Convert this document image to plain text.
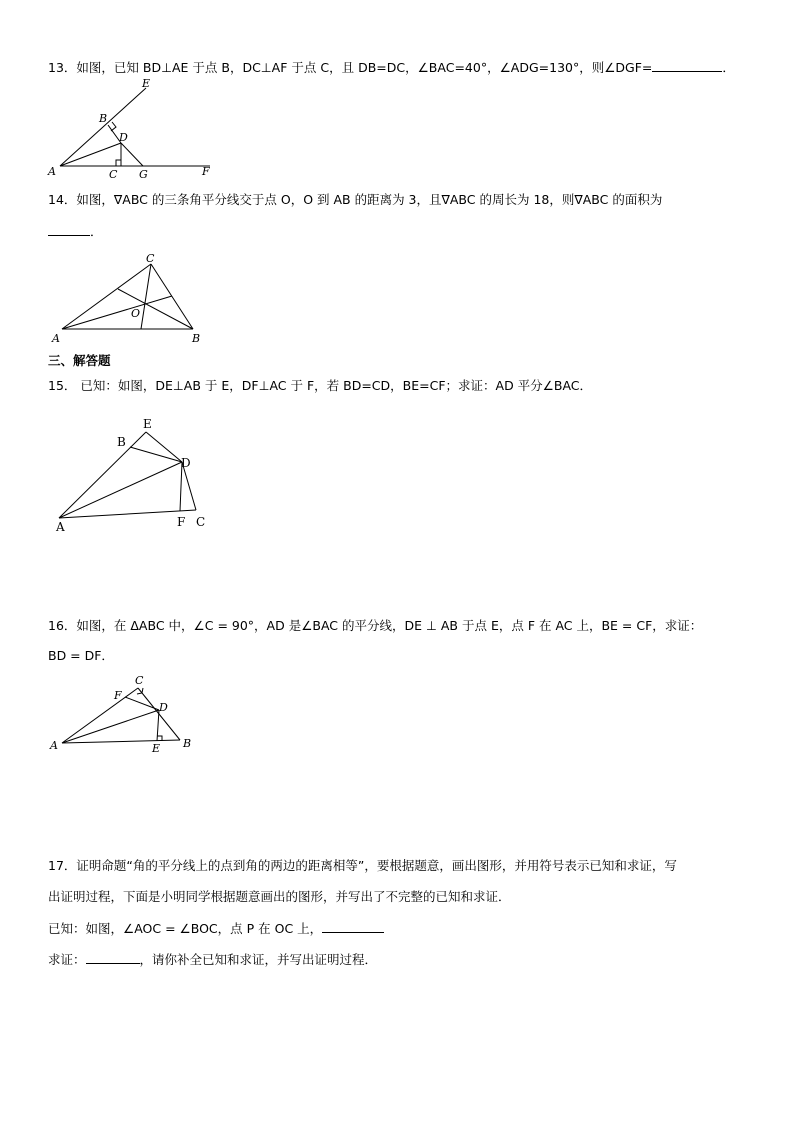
13．如图，已知 BD⊥AE 于点 B，DC⊥AF 于点 C，且 DB=DC，∠BAC=40°，∠ADG=130°，则∠DGF=	．
E
B
D
A	C G	F
14．如图，∇ABC 的三条角平分线交于点 O，O 到 AB 的距离为 3，且∇ABC 的周长为 18，则∇ABC 的面积为
．
C
O
A	B
三、解答题
15． 已知：如图，DE⊥AB 于 E，DF⊥AC 于 F，若 BD=CD，BE=CF；求证：AD 平分∠BAC．
E
B
D
A	F C
16．如图，在 ΔABC 中，∠C = 90°，AD 是∠BAC 的平分线，DE ⊥ AB 于点 E，点 F 在 AC 上，BE = CF，求证：
BD = DF．
C
F
D
A	E B
17．证明命题“角的平分线上的点到角的两边的距离相等”，要根据题意，画出图形，并用符号表示已知和求证，写
出证明过程，下面是小明同学根据题意画出的图形，并写出了不完整的已知和求证．
已知：如图，∠AOC = ∠BOC，点 P 在 OC 上，
求证：	，请你补全已知和求证，并写出证明过程．
